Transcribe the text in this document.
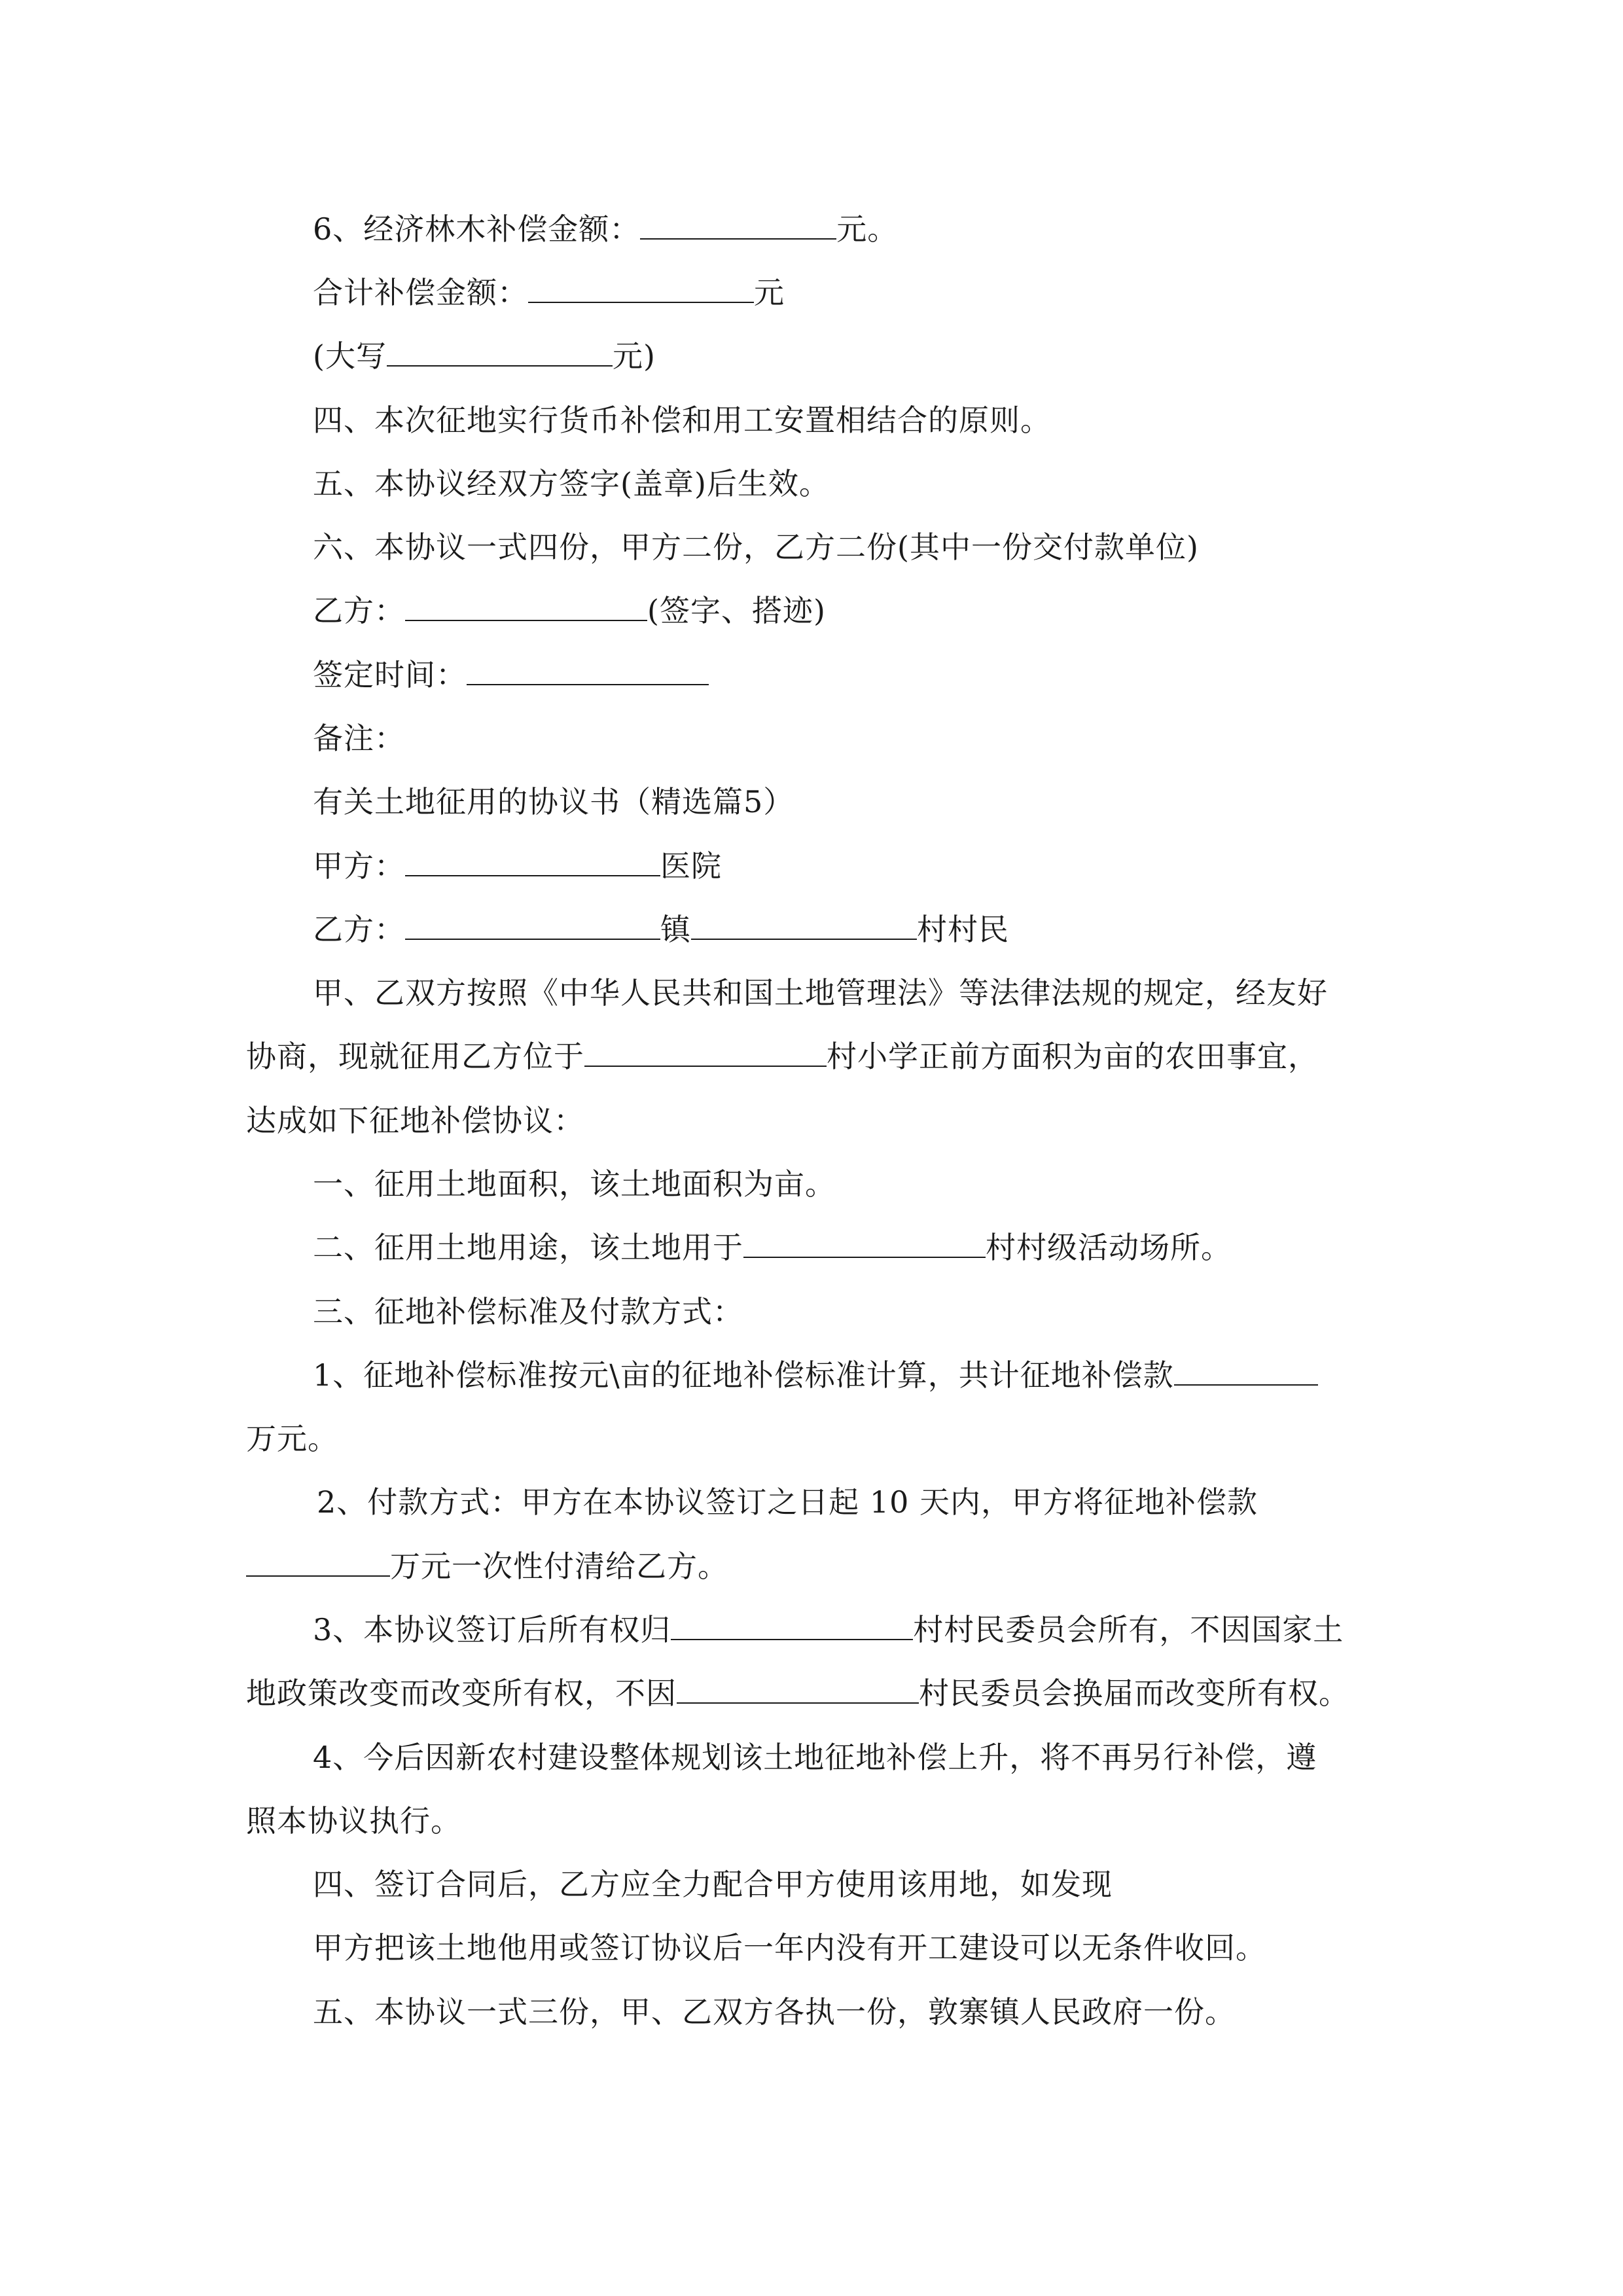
6、经济林木补偿金额：	元。
合计补偿金额：	元
(大写	元)
四、本次征地实行货币补偿和用工安置相结合的原则。
五、本协议经双方签字(盖章)后生效。
六、本协议一式四份，甲方二份，乙方二份(其中一份交付款单位)
乙方：	(签字、搭迹)
签定时间：
备注：
有关土地征用的协议书（精选篇5）
甲方：	医院
乙方：	镇	村村民
甲、乙双方按照《中华人民共和国土地管理法》等法律法规的规定，经友好
协商，现就征用乙方位于	村小学正前方面积为亩的农田事宜，
达成如下征地补偿协议：
一、征用土地面积，该土地面积为亩。
二、征用土地用途，该土地用于	村村级活动场所。
三、征地补偿标准及付款方式：
1、征地补偿标准按元\亩的征地补偿标准计算，共计征地补偿款
万元。
2、付款方式：甲方在本协议签订之日起 10 天内，甲方将征地补偿款
万元一次性付清给乙方。
3、本协议签订后所有权归	村村民委员会所有，不因国家土
地政策改变而改变所有权，不因	村民委员会换届而改变所有权。
4、今后因新农村建设整体规划该土地征地补偿上升，将不再另行补偿，遵
照本协议执行。
四、签订合同后，乙方应全力配合甲方使用该用地，如发现
甲方把该土地他用或签订协议后一年内没有开工建设可以无条件收回。
五、本协议一式三份，甲、乙双方各执一份，敦寨镇人民政府一份。
